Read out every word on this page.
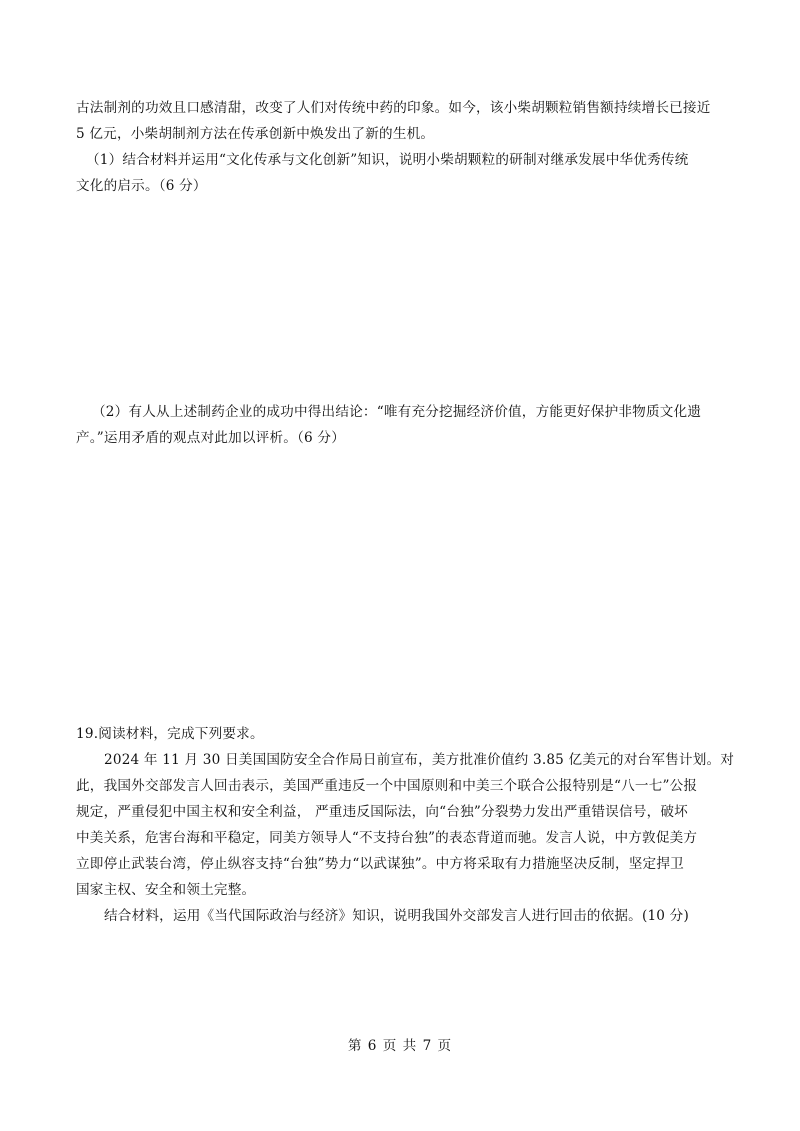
古法制剂的功效且口感清甜，改变了人们对传统中药的印象。如今，该小柴胡颗粒销售额持续增长已接近
5 亿元，小柴胡制剂方法在传承创新中焕发出了新的生机。
（1）结合材料并运用“文化传承与文化创新”知识，说明小柴胡颗粒的研制对继承发展中华优秀传统
文化的启示。（6 分）
（2）有人从上述制药企业的成功中得出结论：“唯有充分挖掘经济价值，方能更好保护非物质文化遗
产。”运用矛盾的观点对此加以评析。（6 分）
19.阅读材料，完成下列要求。
2024 年 11 月 30 日美国国防安全合作局日前宣布，美方批准价值约 3.85 亿美元的对台军售计划。对
此，我国外交部发言人回击表示，美国严重违反一个中国原则和中美三个联合公报特别是“八一七”公报
规定，严重侵犯中国主权和安全利益， 严重违反国际法，向“台独”分裂势力发出严重错误信号，破坏
中美关系，危害台海和平稳定，同美方领导人“不支持台独”的表态背道而驰。发言人说，中方敦促美方
立即停止武装台湾，停止纵容支持“台独”势力“以武谋独”。中方将采取有力措施坚决反制，坚定捍卫
国家主权、安全和领土完整。
结合材料，运用《当代国际政治与经济》知识，说明我国外交部发言人进行回击的依据。(10 分)
第 6 页 共 7 页
